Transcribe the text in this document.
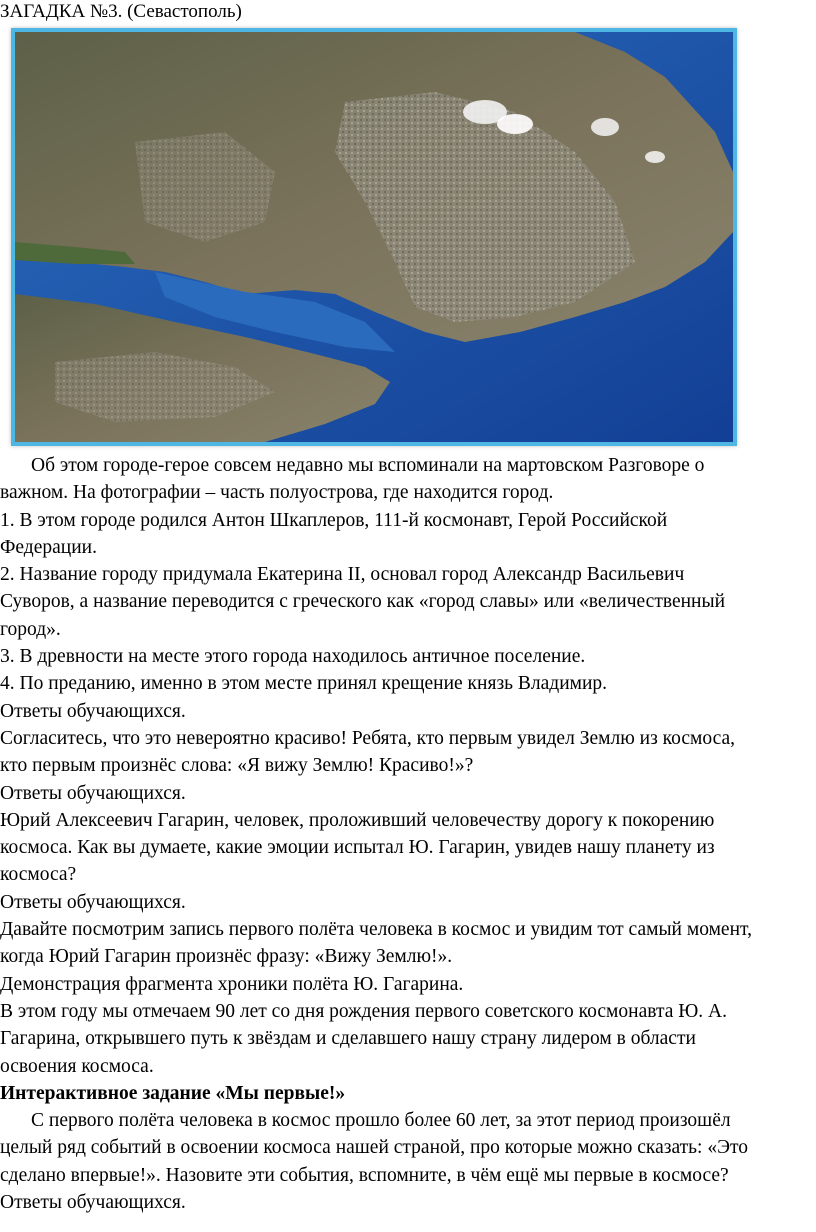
ЗАГАДКА №3. (Севастополь)

Об этом городе-герое совсем недавно мы вспоминали на мартовском Разговоре о

важном. На фотографии – часть полуострова, где находится город.

1. В этом городе родился Антон Шкаплеров, 111-й космонавт, Герой Российской

Федерации.

2. Название городу придумала Екатерина II, основал город Александр Васильевич

Суворов, а название переводится с греческого как «город славы» или «величественный

город».

3. В древности на месте этого города находилось античное поселение.

4. По преданию, именно в этом месте принял крещение князь Владимир.

Ответы обучающихся.

Согласитесь, что это невероятно красиво! Ребята, кто первым увидел Землю из космоса,

кто первым произнёс слова: «Я вижу Землю! Красиво!»?

Ответы обучающихся.

Юрий Алексеевич Гагарин, человек, проложивший человечеству дорогу к покорению

космоса. Как вы думаете, какие эмоции испытал Ю. Гагарин, увидев нашу планету из

космоса?

Ответы обучающихся.

Давайте посмотрим запись первого полёта человека в космос и увидим тот самый момент,

когда Юрий Гагарин произнёс фразу: «Вижу Землю!».

Демонстрация фрагмента хроники полёта Ю. Гагарина.

В этом году мы отмечаем 90 лет со дня рождения первого советского космонавта Ю. А.

Гагарина, открывшего путь к звёздам и сделавшего нашу страну лидером в области

освоения космоса.

Интерактивное задание «Мы первые!»

С первого полёта человека в космос прошло более 60 лет, за этот период произошёл

целый ряд событий в освоении космоса нашей страной, про которые можно сказать: «Это

сделано впервые!». Назовите эти события, вспомните, в чём ещё мы первые в космосе?

Ответы обучающихся.
